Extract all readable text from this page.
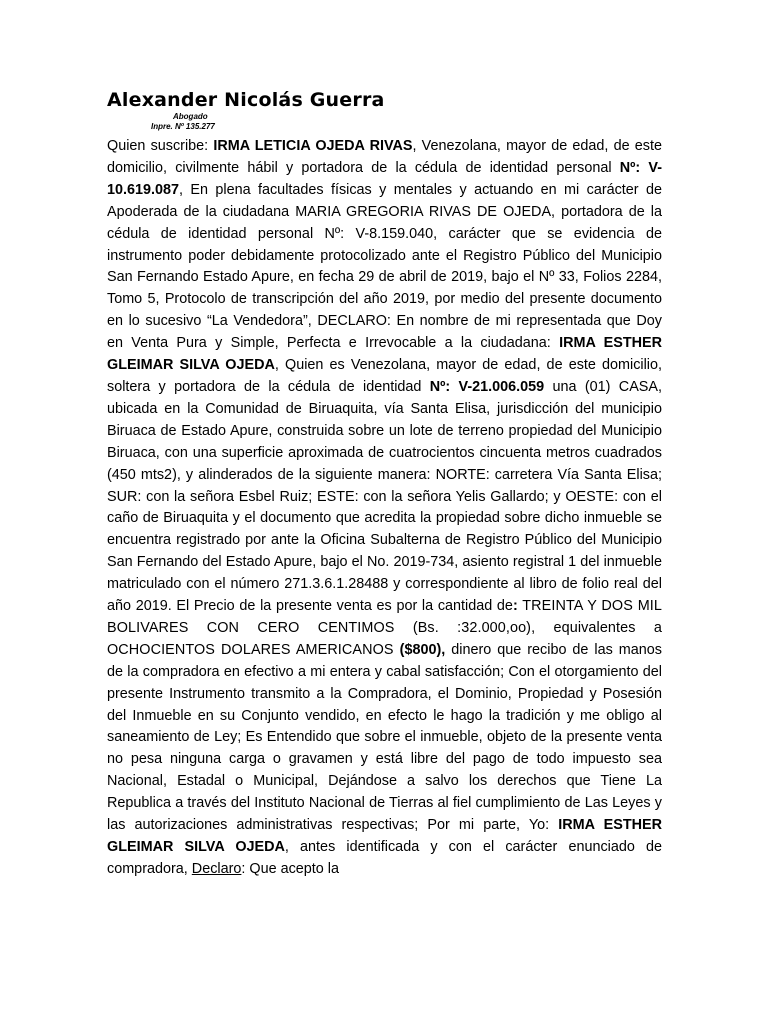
Alexander Nicolás Guerra
Abogado
Inpre. Nº 135.277

Quien suscribe: IRMA LETICIA OJEDA RIVAS, Venezolana, mayor de edad, de este domicilio, civilmente hábil y portadora de la cédula de identidad personal Nº: V-10.619.087, En plena facultades físicas y mentales y actuando en mi carácter de Apoderada de la ciudadana MARIA GREGORIA RIVAS DE OJEDA, portadora de la cédula de identidad personal Nº: V-8.159.040, carácter que se evidencia de instrumento poder debidamente protocolizado ante el Registro Público del Municipio San Fernando Estado Apure, en fecha 29 de abril de 2019, bajo el Nº 33, Folios 2284, Tomo 5, Protocolo de transcripción del año 2019, por medio del presente documento en lo sucesivo “La Vendedora”, DECLARO: En nombre de mi representada que Doy en Venta Pura y Simple, Perfecta e Irrevocable a la ciudadana: IRMA ESTHER GLEIMAR SILVA OJEDA, Quien es Venezolana, mayor de edad, de este domicilio, soltera y portadora de la cédula de identidad Nº: V-21.006.059 una (01) CASA, ubicada en la Comunidad de Biruaquita, vía Santa Elisa, jurisdicción del municipio Biruaca de Estado Apure, construida sobre un lote de terreno propiedad del Municipio Biruaca, con una superficie aproximada de cuatrocientos cincuenta metros cuadrados (450 mts2), y alinderados de la siguiente manera: NORTE: carretera Vía Santa Elisa; SUR: con la señora Esbel Ruiz; ESTE: con la señora Yelis Gallardo; y OESTE: con el caño de Biruaquita y el documento que acredita la propiedad sobre dicho inmueble se encuentra registrado por ante la Oficina Subalterna de Registro Público del Municipio San Fernando del Estado Apure, bajo el No. 2019-734, asiento registral 1 del inmueble matriculado con el número 271.3.6.1.28488 y correspondiente al libro de folio real del año 2019. El Precio de la presente venta es por la cantidad de: TREINTA Y DOS MIL BOLIVARES CON CERO CENTIMOS (Bs. :32.000,oo), equivalentes a OCHOCIENTOS DOLARES AMERICANOS ($800), dinero que recibo de las manos de la compradora en efectivo a mi entera y cabal satisfacción; Con el otorgamiento del presente Instrumento transmito a la Compradora, el Dominio, Propiedad y Posesión del Inmueble en su Conjunto vendido, en efecto le hago la tradición y me obligo al saneamiento de Ley; Es Entendido que sobre el inmueble, objeto de la presente venta no pesa ninguna carga o gravamen y está libre del pago de todo impuesto sea Nacional, Estadal o Municipal, Dejándose a salvo los derechos que Tiene La Republica a través del Instituto Nacional de Tierras al fiel cumplimiento de Las Leyes y las autorizaciones administrativas respectivas; Por mi parte, Yo: IRMA ESTHER GLEIMAR SILVA OJEDA, antes identificada y con el carácter enunciado de compradora, Declaro: Que acepto la
